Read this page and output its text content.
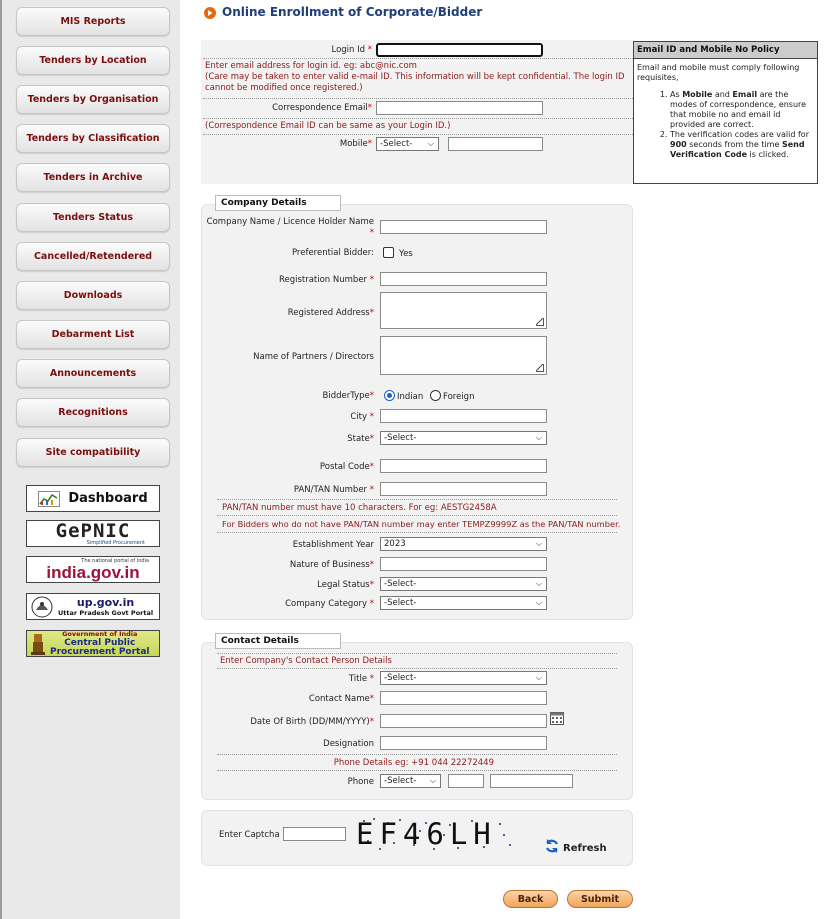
MIS Reports
Tenders by Location
Tenders by Organisation
Tenders by Classification
Tenders in Archive
Tenders Status
Cancelled/Retendered
Downloads
Debarment List
Announcements
Recognitions
Site compatibility
Dashboard
GePNIC
Simplified Procurement
The national portal of India
india.gov.in
up.gov.in
Uttar Pradesh Govt Portal
Government of India
Central Public
Procurement Portal
Online Enrollment of Corporate/Bidder
Login Id *
Enter email address for login id. eg: abc@nic.com
(Care may be taken to enter valid e-mail ID. This information will be kept confidential. The login ID cannot be modified once registered.)
Correspondence Email*
(Correspondence Email ID can be same as your Login ID.)
Mobile* -Select- ⌵
Email ID and Mobile No Policy
Email and mobile must comply following requisites,
1. As Mobile and Email are the modes of correspondence, ensure that mobile no and email id provided are correct.
2. The verification codes are valid for 900 seconds from the time Send Verification Code is clicked.
Company Details
Company Name / Licence Holder Name *
Preferential Bidder:	Yes
Registration Number *
Registered Address*
Name of Partners / Directors
BidderType*	Indian Foreign
City *
State*	-Select-	⌵
Postal Code*
PAN/TAN Number *
PAN/TAN number must have 10 characters. For eg: AESTG2458A
For Bidders who do not have PAN/TAN number may enter TEMPZ9999Z as the PAN/TAN number.
Establishment Year	2023	⌵
Nature of Business*
Legal Status*	-Select-	⌵
Company Category *	-Select-	⌵
Contact Details
Enter Company's Contact Person Details
Title *	-Select-	⌵
Contact Name*
Date Of Birth (DD/MM/YYYY)*
Designation
Phone Details eg: +91 044 22272449
Phone	-Select- ⌵
Enter Captcha	EF46LH	Refresh
Back	Submit
